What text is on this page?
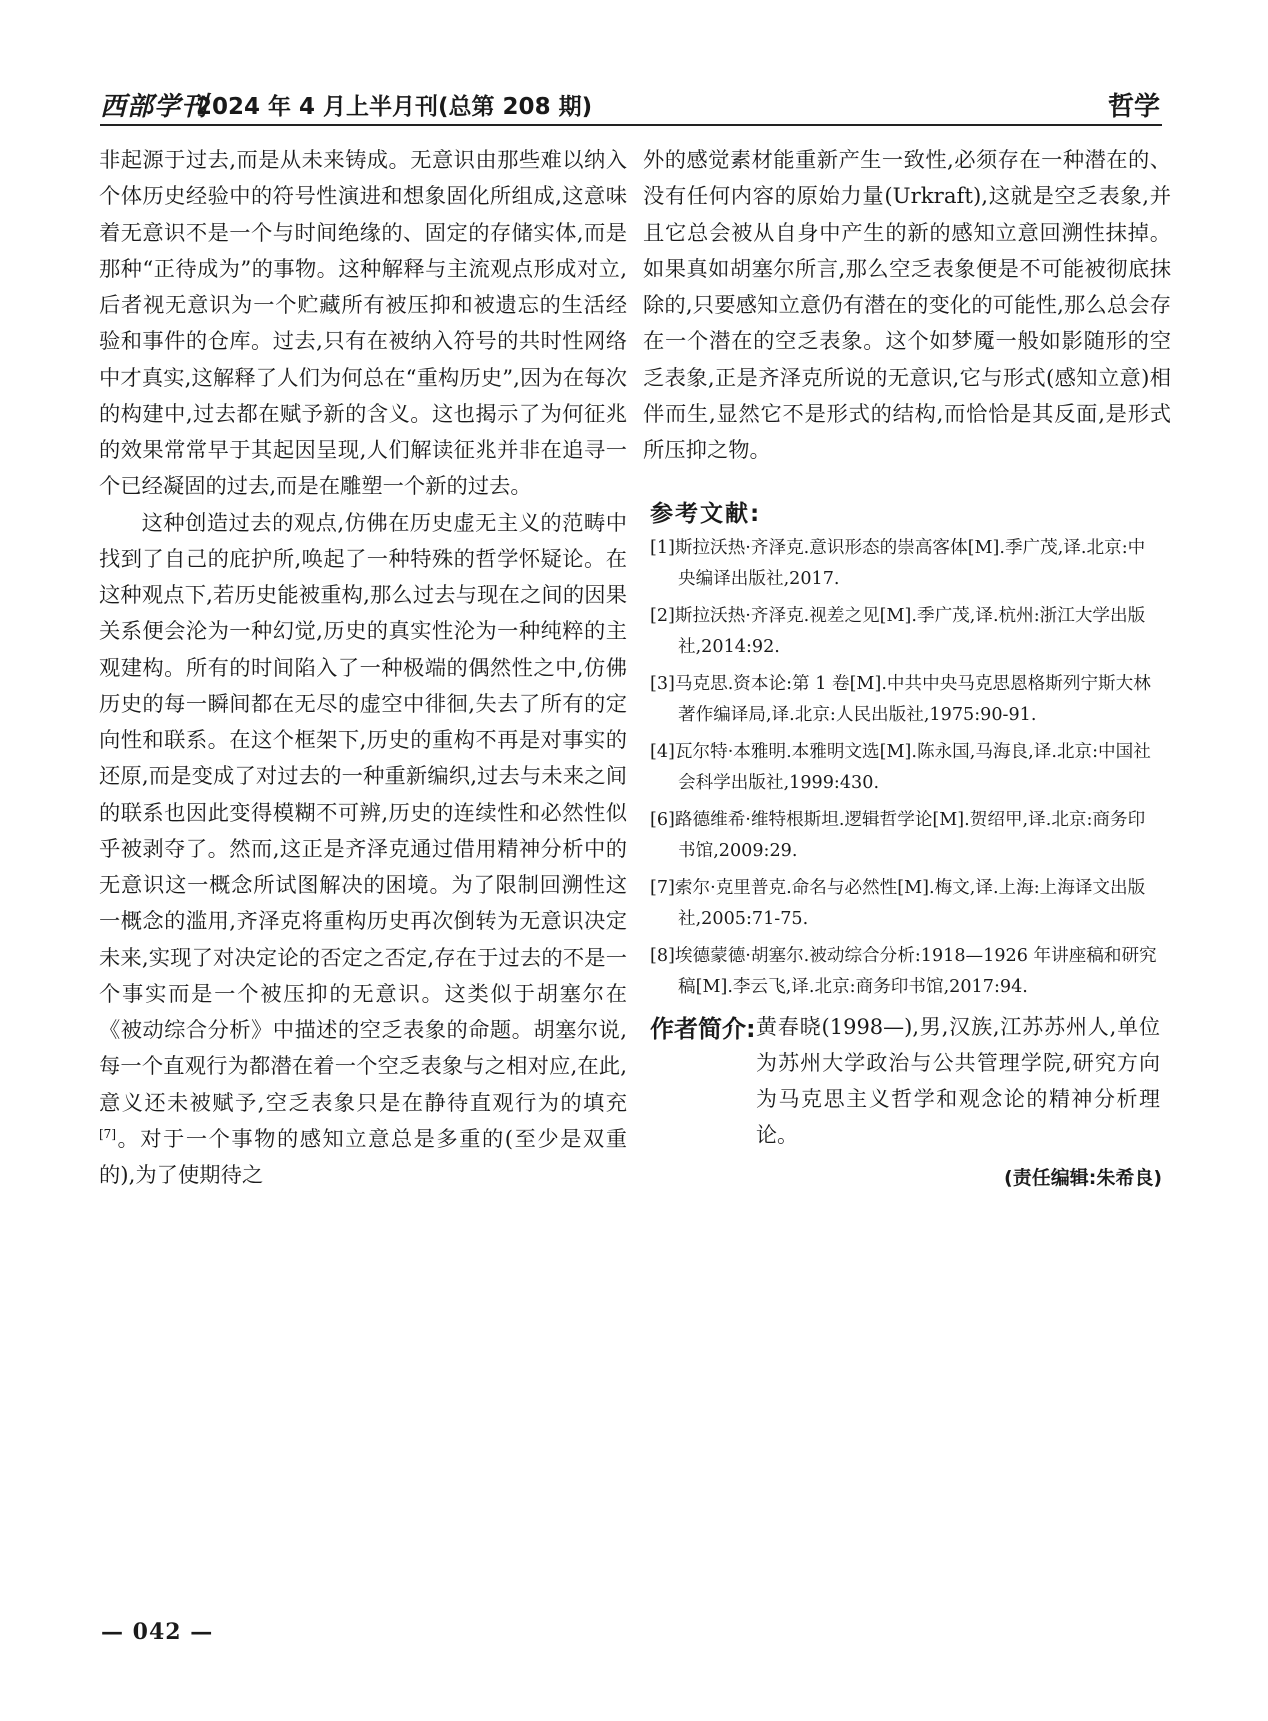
西部学刊
2024 年 4 月上半月刊(总第 208 期)	哲学

非起源于过去,而是从未来铸成。无意识由那些难以纳入个体历史经验中的符号性演进和想象固化所组成,这意味着无意识不是一个与时间绝缘的、固定的存储实体,而是那种“正待成为”的事物。这种解释与主流观点形成对立,后者视无意识为一个贮藏所有被压抑和被遗忘的生活经验和事件的仓库。过去,只有在被纳入符号的共时性网络中才真实,这解释了人们为何总在“重构历史”,因为在每次的构建中,过去都在赋予新的含义。这也揭示了为何征兆的效果常常早于其起因呈现,人们解读征兆并非在追寻一个已经凝固的过去,而是在雕塑一个新的过去。

这种创造过去的观点,仿佛在历史虚无主义的范畴中找到了自己的庇护所,唤起了一种特殊的哲学怀疑论。在这种观点下,若历史能被重构,那么过去与现在之间的因果关系便会沦为一种幻觉,历史的真实性沦为一种纯粹的主观建构。所有的时间陷入了一种极端的偶然性之中,仿佛历史的每一瞬间都在无尽的虚空中徘徊,失去了所有的定向性和联系。在这个框架下,历史的重构不再是对事实的还原,而是变成了对过去的一种重新编织,过去与未来之间的联系也因此变得模糊不可辨,历史的连续性和必然性似乎被剥夺了。然而,这正是齐泽克通过借用精神分析中的无意识这一概念所试图解决的困境。为了限制回溯性这一概念的滥用,齐泽克将重构历史再次倒转为无意识决定未来,实现了对决定论的否定之否定,存在于过去的不是一个事实而是一个被压抑的无意识。这类似于胡塞尔在《被动综合分析》中描述的空乏表象的命题。胡塞尔说,每一个直观行为都潜在着一个空乏表象与之相对应,在此,意义还未被赋予,空乏表象只是在静待直观行为的填充[7]。对于一个事物的感知立意总是多重的(至少是双重的),为了使期待之

外的感觉素材能重新产生一致性,必须存在一种潜在的、没有任何内容的原始力量(Urkraft),这就是空乏表象,并且它总会被从自身中产生的新的感知立意回溯性抹掉。如果真如胡塞尔所言,那么空乏表象便是不可能被彻底抹除的,只要感知立意仍有潜在的变化的可能性,那么总会存在一个潜在的空乏表象。这个如梦魇一般如影随形的空乏表象,正是齐泽克所说的无意识,它与形式(感知立意)相伴而生,显然它不是形式的结构,而恰恰是其反面,是形式所压抑之物。

参考文献:
[1]斯拉沃热·齐泽克.意识形态的崇高客体[M].季广茂,译.北京:中央编译出版社,2017.
[2]斯拉沃热·齐泽克.视差之见[M].季广茂,译.杭州:浙江大学出版社,2014:92.
[3]马克思.资本论:第 1 卷[M].中共中央马克思恩格斯列宁斯大林著作编译局,译.北京:人民出版社,1975:90-91.
[4]瓦尔特·本雅明.本雅明文选[M].陈永国,马海良,译.北京:中国社会科学出版社,1999:430.
[6]路德维希·维特根斯坦.逻辑哲学论[M].贺绍甲,译.北京:商务印书馆,2009:29.
[7]索尔·克里普克.命名与必然性[M].梅文,译.上海:上海译文出版社,2005:71-75.
[8]埃德蒙德·胡塞尔.被动综合分析:1918—1926 年讲座稿和研究稿[M].李云飞,译.北京:商务印书馆,2017:94.
作者简介: 黄春晓(1998—),男,汉族,江苏苏州人,单位为苏州大学政治与公共管理学院,研究方向为马克思主义哲学和观念论的精神分析理论。

(责任编辑:朱希良)
— 042 —
